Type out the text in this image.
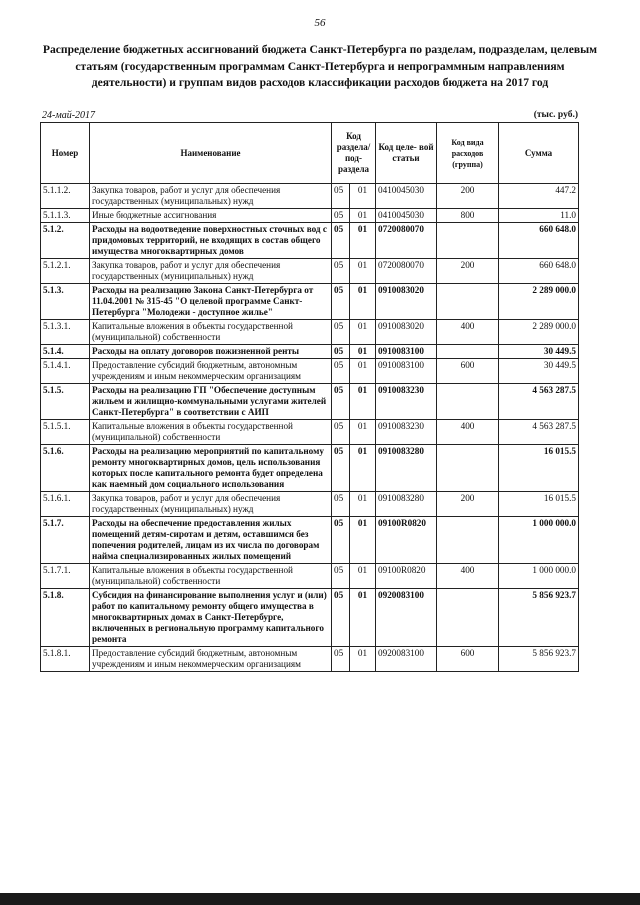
56
Распределение бюджетных ассигнований бюджета Санкт-Петербурга по разделам, подразделам, целевым статьям (государственным программам Санкт-Петербурга и непрограммным направлениям деятельности) и группам видов расходов классификации расходов бюджета на 2017 год
24-май-2017	(тыс. руб.)
Номер	Наименование	Код раздела/ под- раздела		Код целе- вой статьи	Код вида расходов (группа)	Сумма
5.1.1.2.	Закупка товаров, работ и услуг для обеспечения государственных (муниципальных) нужд	05	01	0410045030	200	447.2
5.1.1.3.	Иные бюджетные ассигнования	05	01	0410045030	800	11.0
5.1.2.	Расходы на водоотведение поверхностных сточных вод с придомовых территорий, не входящих в состав общего имущества многоквартирных домов	05	01	0720080070		660 648.0
5.1.2.1.	Закупка товаров, работ и услуг для обеспечения государственных (муниципальных) нужд	05	01	0720080070	200	660 648.0
5.1.3.	Расходы на реализацию Закона Санкт-Петербурга от 11.04.2001 № 315-45 "О целевой программе Санкт-Петербурга "Молодежи - доступное жилье"	05	01	0910083020		2 289 000.0
5.1.3.1.	Капитальные вложения в объекты государственной (муниципальной) собственности	05	01	0910083020	400	2 289 000.0
5.1.4.	Расходы на оплату договоров пожизненной ренты	05	01	0910083100		30 449.5
5.1.4.1.	Предоставление субсидий бюджетным, автономным учреждениям и иным некоммерческим организациям	05	01	0910083100	600	30 449.5
5.1.5.	Расходы на реализацию ГП "Обеспечение доступным жильем и жилищно-коммунальными услугами жителей Санкт-Петербурга" в соответствии с АИП	05	01	0910083230		4 563 287.5
5.1.5.1.	Капитальные вложения в объекты государственной (муниципальной) собственности	05	01	0910083230	400	4 563 287.5
5.1.6.	Расходы на реализацию мероприятий по капитальному ремонту многоквартирных домов, цель использования которых после капитального ремонта будет определена как наемный дом социального использования	05	01	0910083280		16 015.5
5.1.6.1.	Закупка товаров, работ и услуг для обеспечения государственных (муниципальных) нужд	05	01	0910083280	200	16 015.5
5.1.7.	Расходы на обеспечение предоставления жилых помещений детям-сиротам и детям, оставшимся без попечения родителей, лицам из их числа по договорам найма специализированных жилых помещений	05	01	09100R0820		1 000 000.0
5.1.7.1.	Капитальные вложения в объекты государственной (муниципальной) собственности	05	01	09100R0820	400	1 000 000.0
5.1.8.	Субсидия на финансирование выполнения услуг и (или) работ по капитальному ремонту общего имущества в многоквартирных домах в Санкт-Петербурге, включенных в региональную программу капитального ремонта	05	01	0920083100		5 856 923.7
5.1.8.1.	Предоставление субсидий бюджетным, автономным учреждениям и иным некоммерческим организациям	05	01	0920083100	600	5 856 923.7
